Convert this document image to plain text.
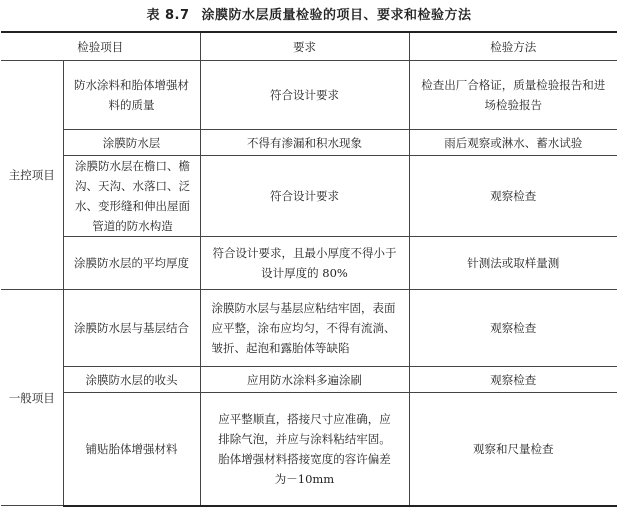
表 8.7 涂膜防水层质量检验的项目、要求和检验方法
检验项目		要求	检验方法
主控项目	防水涂料和胎体增强材料的质量	符合设计要求	检查出厂合格证，质量检验报告和进场检验报告
	涂膜防水层	不得有渗漏和积水现象	雨后观察或淋水、蓄水试验
	涂膜防水层在檐口、檐沟、天沟、水落口、泛水、变形缝和伸出屋面管道的防水构造	符合设计要求	观察检查
	涂膜防水层的平均厚度	符合设计要求，且最小厚度不得小于设计厚度的 80%	针测法或取样量测
一般项目	涂膜防水层与基层结合	涂膜防水层与基层应粘结牢固，表面应平整，涂布应均匀，不得有流淌、皱折、起泡和露胎体等缺陷	观察检查
	涂膜防水层的收头	应用防水涂料多遍涂刷	观察检查
	铺贴胎体增强材料	应平整顺直，搭接尺寸应准确，应排除气泡，并应与涂料粘结牢固。胎体增强材料搭接宽度的容许偏差为－10mm	观察和尺量检查
